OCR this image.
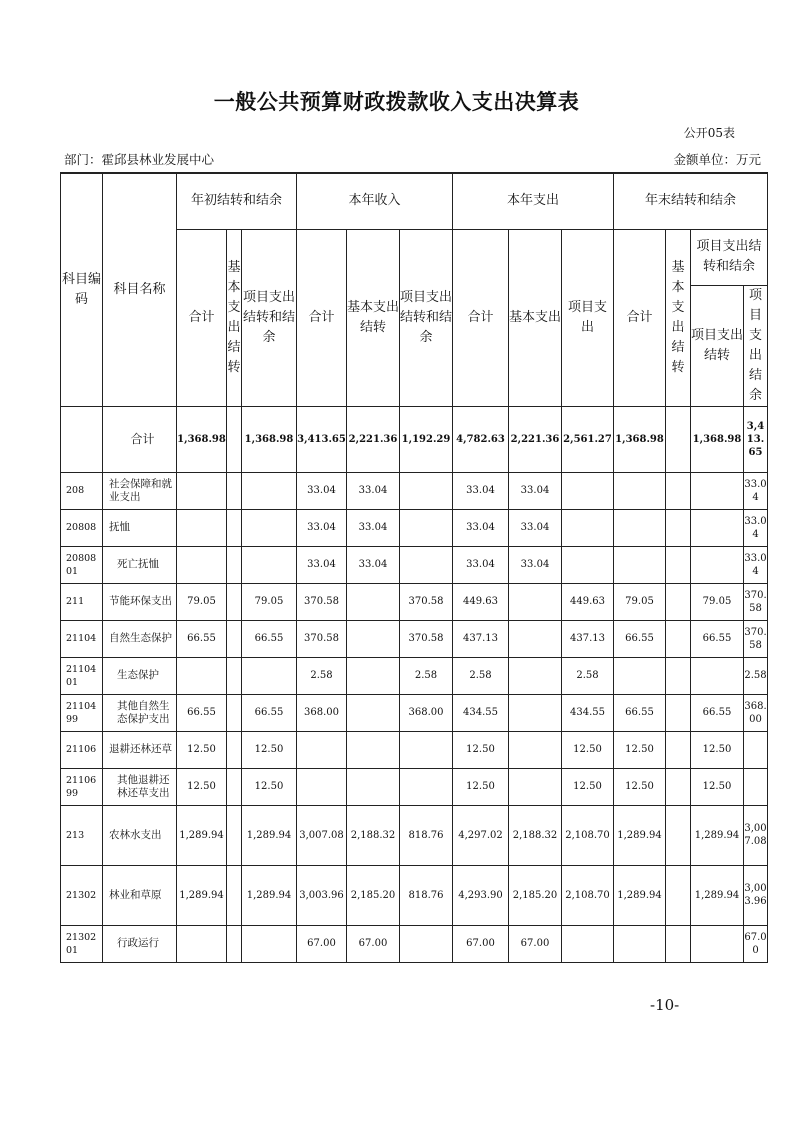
一般公共预算财政拨款收入支出决算表
公开05表
部门：霍邱县林业发展中心	金额单位：万元
科目编码	科目名称	年初结转和结余			本年收入			本年支出			年末结转和结余			
		合计	基本支出结转	项目支出结转和结余	合计	基本支出结转	项目支出结转和结余	合计	基本支出	项目支出	合计	基本支出结转	项目支出结转和结余	
													项目支出结转	项目支出结余
	合计	1,368.98		1,368.98	3,413.65	2,221.36	1,192.29	4,782.63	2,221.36	2,561.27	1,368.98		1,368.98	3,413.65
208	社会保障和就业支出				33.04	33.04		33.04	33.04					33.04
20808	抚恤				33.04	33.04		33.04	33.04					33.04
2080801	死亡抚恤				33.04	33.04		33.04	33.04					33.04
211	节能环保支出	79.05		79.05	370.58		370.58	449.63		449.63	79.05		79.05	370.58
21104	自然生态保护	66.55		66.55	370.58		370.58	437.13		437.13	66.55		66.55	370.58
2110401	生态保护				2.58		2.58	2.58		2.58				2.58
2110499	其他自然生态保护支出	66.55		66.55	368.00		368.00	434.55		434.55	66.55		66.55	368.00
21106	退耕还林还草	12.50		12.50				12.50		12.50	12.50		12.50	
2110699	其他退耕还林还草支出	12.50		12.50				12.50		12.50	12.50		12.50	
213	农林水支出	1,289.94		1,289.94	3,007.08	2,188.32	818.76	4,297.02	2,188.32	2,108.70	1,289.94		1,289.94	3,007.08
21302	林业和草原	1,289.94		1,289.94	3,003.96	2,185.20	818.76	4,293.90	2,185.20	2,108.70	1,289.94		1,289.94	3,003.96
2130201	行政运行				67.00	67.00		67.00	67.00					67.00
-10-
